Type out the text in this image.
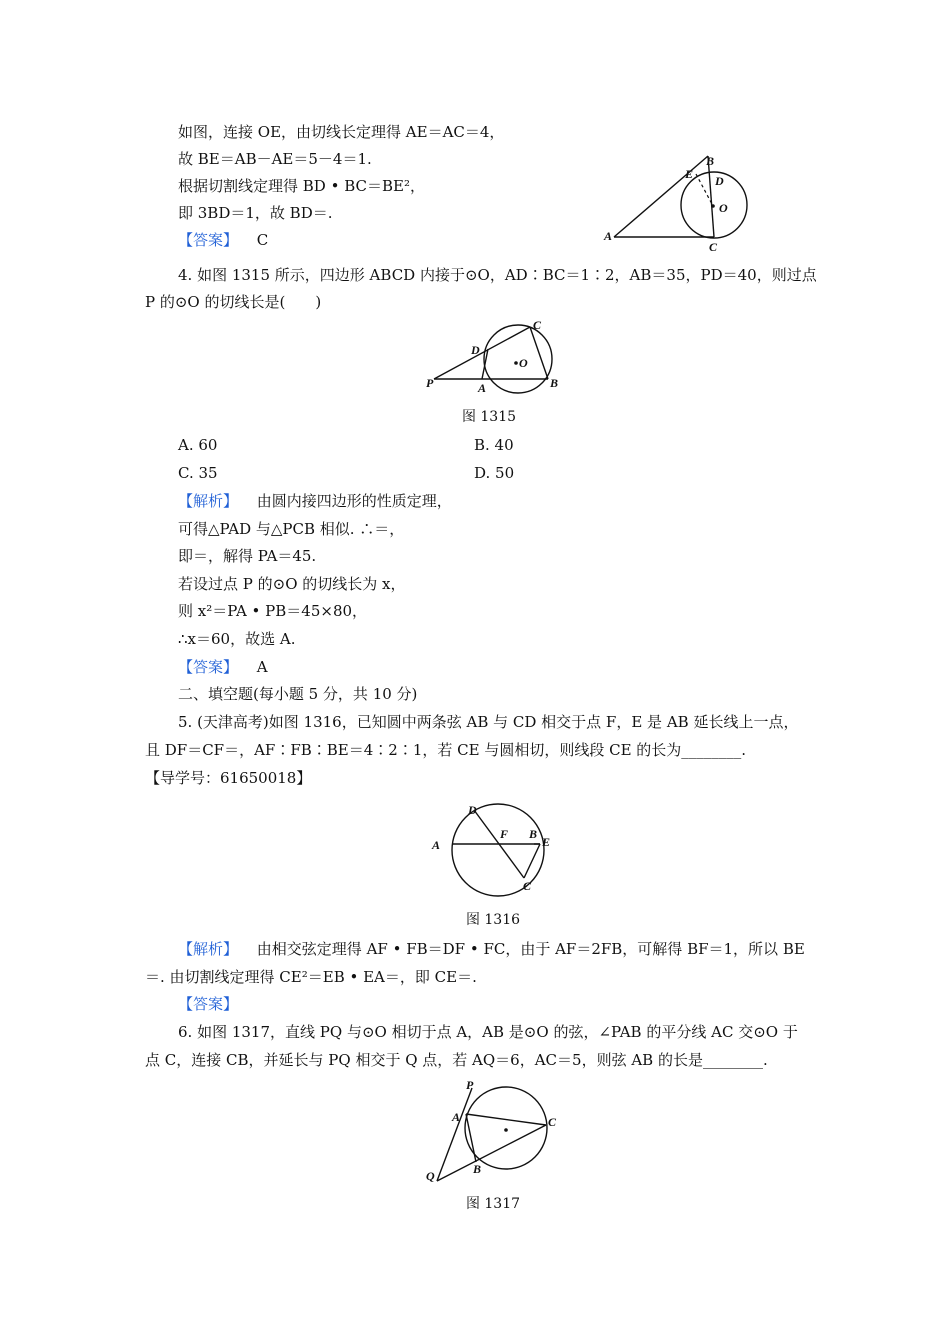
如图，连接 OE，由切线长定理得 AE＝AC＝4，
故 BE＝AB－AE＝5－4＝1.
根据切割线定理得 BD • BC＝BE²，
即 3BD＝1，故 BD＝.
【答案】 C
B
E D
O
A
C
4. 如图 1315 所示，四边形 ABCD 内接于⊙O，AD∶BC＝1∶2，AB＝35，PD＝40，则过点
P 的⊙O 的切线长是(　　)
C
D
O
P	A	B
图 1315
A. 60	B. 40
C. 35	D. 50
【解析】 由圆内接四边形的性质定理，
可得△PAD 与△PCB 相似. ∴＝，
即＝，解得 PA＝45.
若设过点 P 的⊙O 的切线长为 x，
则 x²＝PA • PB＝45×80，
∴x＝60，故选 A.
【答案】 A
二、填空题(每小题 5 分，共 10 分)
5. (天津高考)如图 1316，已知圆中两条弦 AB 与 CD 相交于点 F，E 是 AB 延长线上一点，
且 DF＝CF＝，AF∶FB∶BE＝4∶2∶1，若 CE 与圆相切，则线段 CE 的长为________.
【导学号：61650018】
D
A
F B
E
C
图 1316
【解析】 由相交弦定理得 AF • FB＝DF • FC，由于 AF＝2FB，可解得 BF＝1，所以 BE
＝. 由切割线定理得 CE²＝EB • EA＝，即 CE＝.
【答案】
6. 如图 1317，直线 PQ 与⊙O 相切于点 A，AB 是⊙O 的弦，∠PAB 的平分线 AC 交⊙O 于
点 C，连接 CB，并延长与 PQ 相交于 Q 点，若 AQ＝6，AC＝5，则弦 AB 的长是________.
P
A	C
B
Q
图 1317
